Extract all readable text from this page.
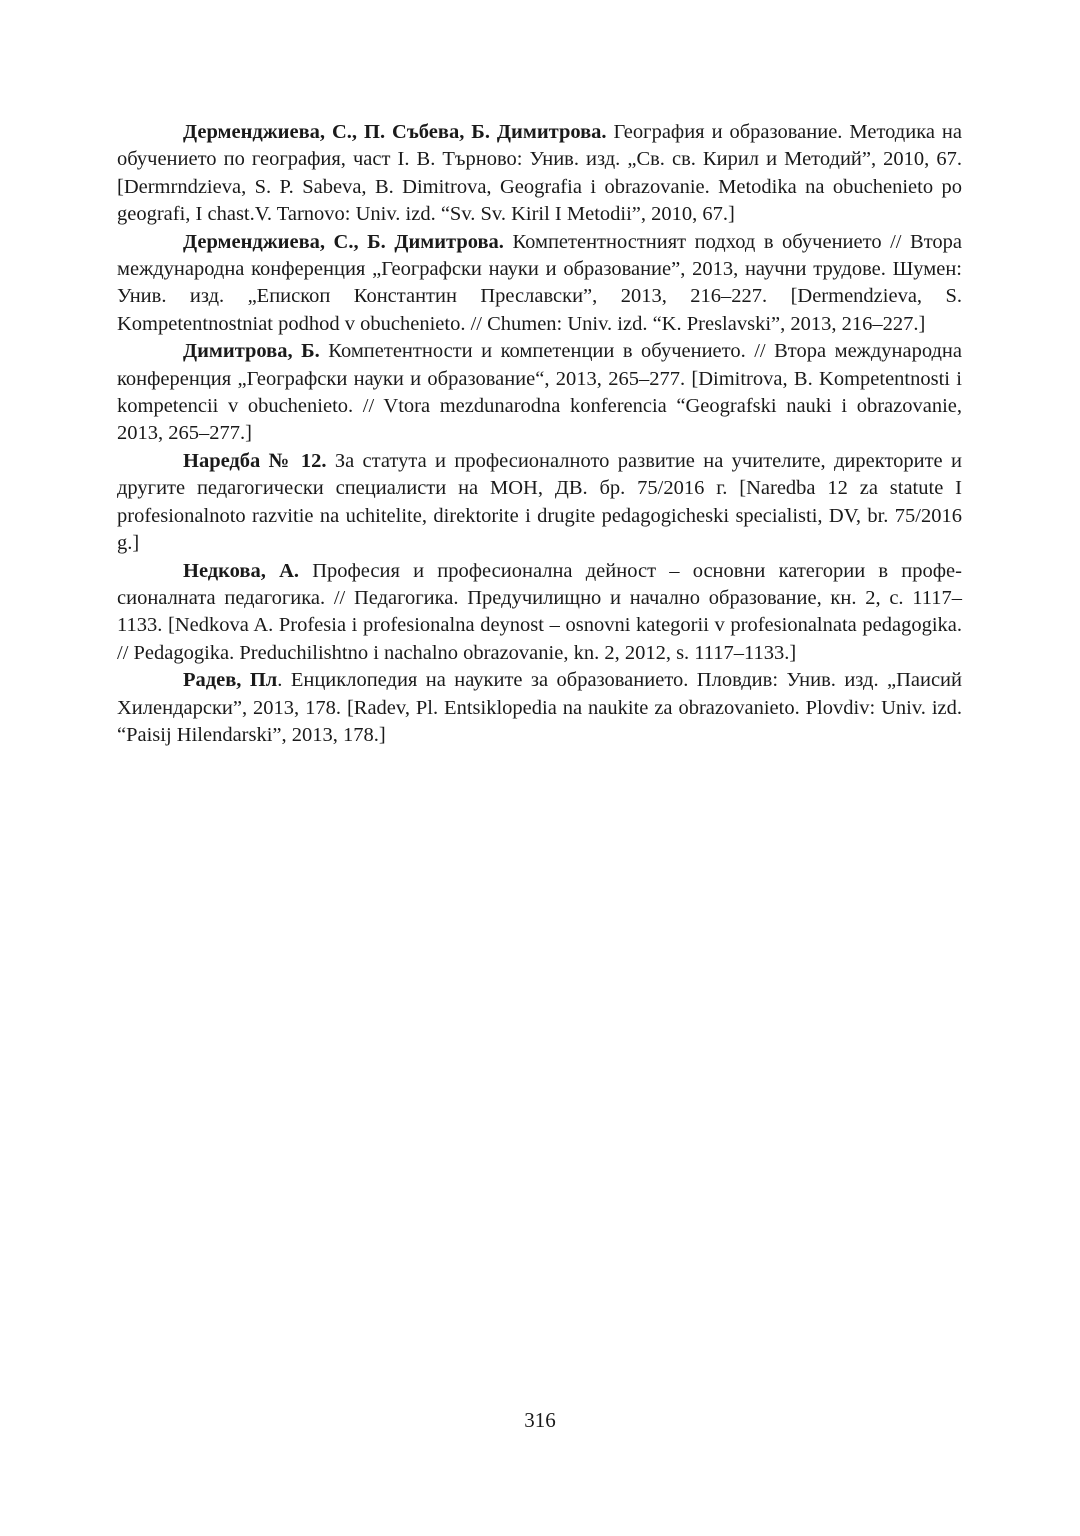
Дерменджиева, С., П. Събева, Б. Димитрова. География и образование. Методика на обучението по география, част I. В. Търново: Унив. изд. „Св. св. Кирил и Методий”, 2010, 67. [Dermrndzieva, S. P. Sabeva, B. Dimitrova, Geografia i obrazovanie. Metodika na obuchenieto po geografi, I chast.V. Tarnovo: Univ. izd. “Sv. Sv. Kiril I Metodii”, 2010, 67.]

Дерменджиева, С., Б. Димитрова. Компетентностният подход в обучението // Втора международна конференция „Географски науки и образование”, 2013, научни трудове. Шумен: Унив. изд. „Епископ Константин Преславски”, 2013, 216–227. [Dermendzieva, S. Kompetentnostniat podhod v obuchenieto. // Chumen: Univ. izd. “K. Preslavski”, 2013, 216–227.]

Димитрова, Б. Компетентности и компетенции в обучението. // Втора международна конференция „Географски науки и образование“, 2013, 265–277. [Dimitrova, B. Kompetentnosti i kompetencii v obuchenieto. // Vtora mezdunarodna konferencia “Geografski nauki i obrazovanie, 2013, 265–277.]

Наредба № 12. За статута и професионалното развитие на учителите, директорите и другите педагогически специалисти на МОН, ДВ. бр. 75/2016 г. [Naredba 12 za statute I profesionalnoto razvitie na uchitelite, direktorite i drugite pedagogicheski specialisti, DV, br. 75/2016 g.]

Недкова, А. Професия и професионална дейност – основни категории в професионалната педагогика. // Педагогика. Предучилищно и начално образование, кн. 2, с. 1117–1133. [Nedkova A. Profesia i profesionalna deynost – osnovni kategorii v profesionalnata pedagogika. // Pedagogika. Preduchilishtno i nachalno obrazovanie, kn. 2, 2012, s. 1117–1133.]

Радев, Пл. Енциклопедия на науките за образованието. Пловдив: Унив. изд. „Паисий Хилендарски”, 2013, 178. [Radev, Pl. Entsiklopedia na naukite za obrazovanieto. Plovdiv: Univ. izd. “Paisij Hilendarski”, 2013, 178.]

316
